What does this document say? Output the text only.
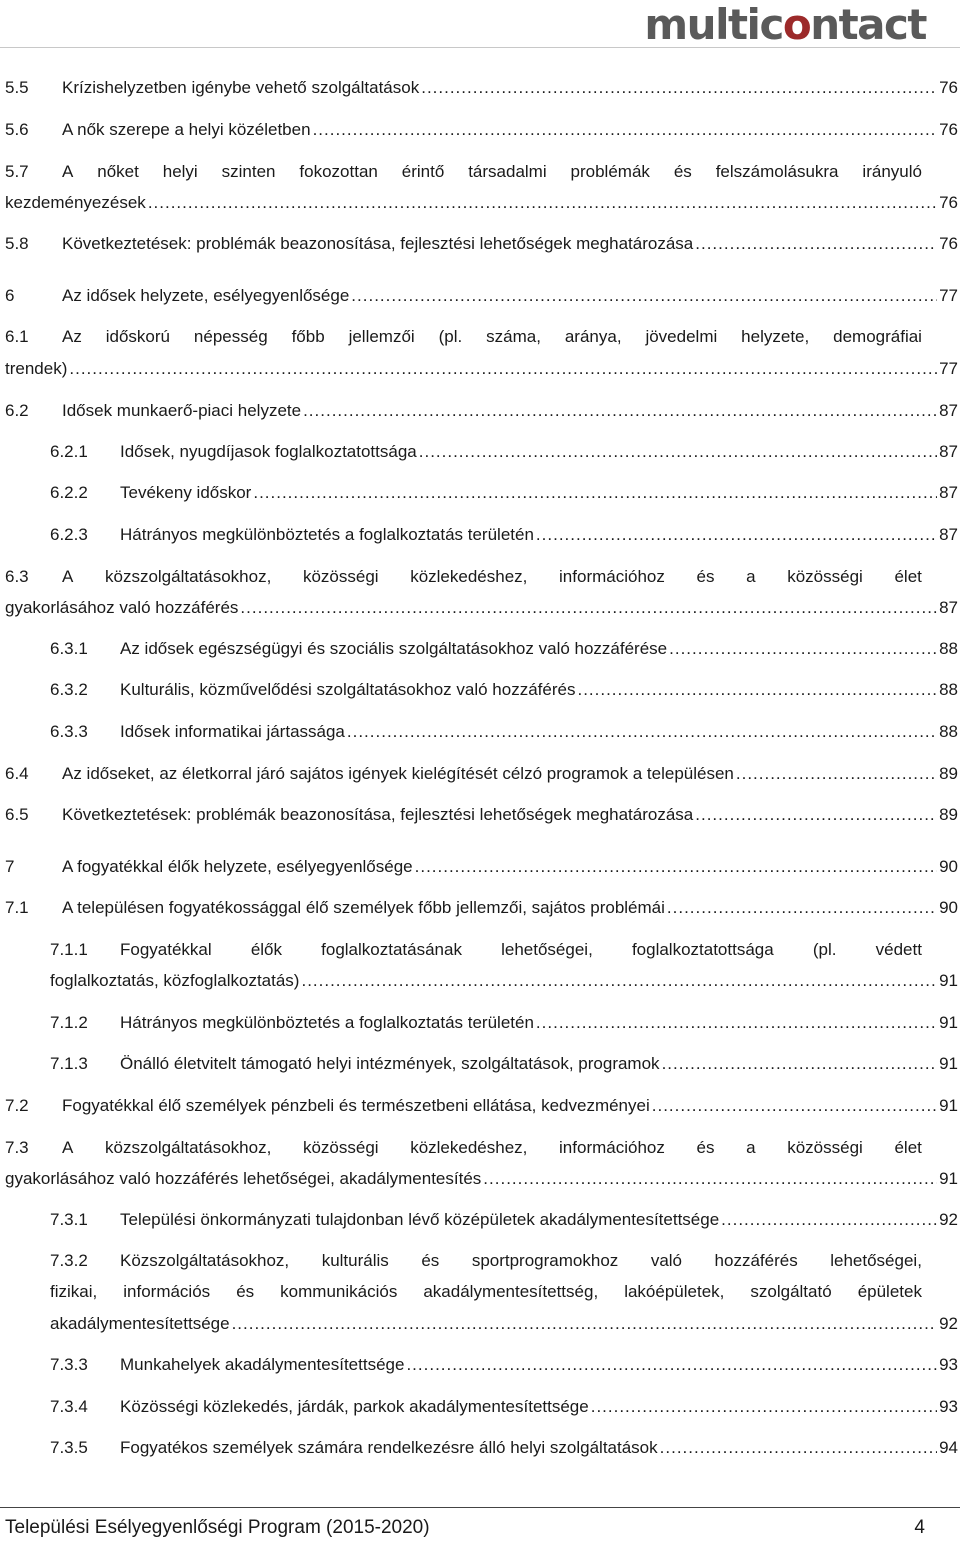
multicontact
5.5	Krízishelyzetben igénybe vehető szolgáltatások .....	76
5.6	A nők szerepe a helyi közéletben .....	76
5.7	A nőket helyi szinten fokozottan érintő társadalmi problémák és felszámolásukra irányuló
kezdeményezések .....	76
5.8	Következtetések: problémák beazonosítása, fejlesztési lehetőségek meghatározása .....	76
6	Az idősek helyzete, esélyegyenlősége .....	77
6.1	Az időskorú népesség főbb jellemzői (pl. száma, aránya, jövedelmi helyzete, demográfiai
trendek) .....	77
6.2	Idősek munkaerő-piaci helyzete .....	87
6.2.1	Idősek, nyugdíjasok foglalkoztatottsága .....	87
6.2.2	Tevékeny időskor .....	87
6.2.3	Hátrányos megkülönböztetés a foglalkoztatás területén .....	87
6.3	A közszolgáltatásokhoz, közösségi közlekedéshez, információhoz és a közösségi élet
gyakorlásához való hozzáférés .....	87
6.3.1	Az idősek egészségügyi és szociális szolgáltatásokhoz való hozzáférése .....	88
6.3.2	Kulturális, közművelődési szolgáltatásokhoz való hozzáférés .....	88
6.3.3	Idősek informatikai jártassága .....	88
6.4	Az időseket, az életkorral járó sajátos igények kielégítését célzó programok a településen .....	89
6.5	Következtetések: problémák beazonosítása, fejlesztési lehetőségek meghatározása .....	89
7	A fogyatékkal élők helyzete, esélyegyenlősége .....	90
7.1	A településen fogyatékossággal élő személyek főbb jellemzői, sajátos problémái .....	90
7.1.1	Fogyatékkal élők foglalkoztatásának lehetőségei, foglalkoztatottsága (pl. védett
foglalkoztatás, közfoglalkoztatás) .....	91
7.1.2	Hátrányos megkülönböztetés a foglalkoztatás területén .....	91
7.1.3	Önálló életvitelt támogató helyi intézmények, szolgáltatások, programok .....	91
7.2	Fogyatékkal élő személyek pénzbeli és természetbeni ellátása, kedvezményei .....	91
7.3	A közszolgáltatásokhoz, közösségi közlekedéshez, információhoz és a közösségi élet
gyakorlásához való hozzáférés lehetőségei, akadálymentesítés .....	91
7.3.1	Települési önkormányzati tulajdonban lévő középületek akadálymentesítettsége .....	92
7.3.2	Közszolgáltatásokhoz, kulturális és sportprogramokhoz való hozzáférés lehetőségei,
fizikai, információs és kommunikációs akadálymentesítettség, lakóépületek, szolgáltató épületek
akadálymentesítettsége .....	92
7.3.3	Munkahelyek akadálymentesítettsége .....	93
7.3.4	Közösségi közlekedés, járdák, parkok akadálymentesítettsége .....	93
7.3.5	Fogyatékos személyek számára rendelkezésre álló helyi szolgáltatások .....	94
Települési Esélyegyenlőségi Program (2015-2020)	4
